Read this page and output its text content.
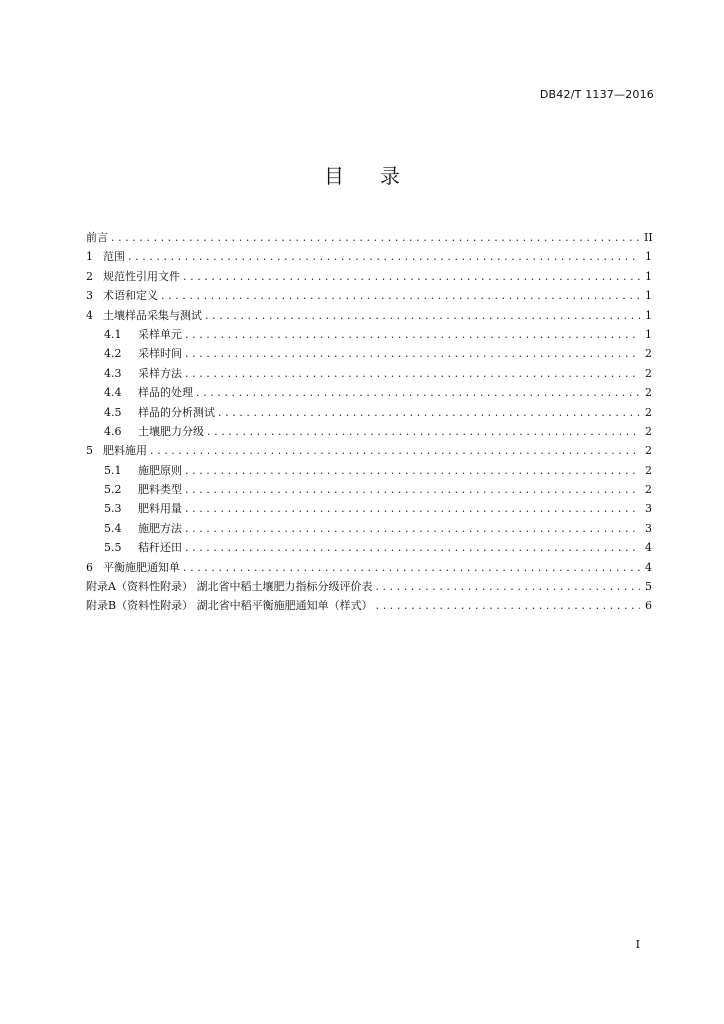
DB42/T 1137—2016
目 录
前言 .....	II
1 范围 .....	1
2 规范性引用文件 .....	1
3 术语和定义 .....	1
4 土壤样品采集与测试 .....	1
4.1	采样单元 .....	1
4.2	采样时间 .....	2
4.3	采样方法 .....	2
4.4	样品的处理 .....	2
4.5	样品的分析测试 .....	2
4.6	土壤肥力分级 .....	2
5 肥料施用 .....	2
5.1	施肥原则 .....	2
5.2	肥料类型 .....	2
5.3	肥料用量 .....	3
5.4	施肥方法 .....	3
5.5	秸秆还田 .....	4
6 平衡施肥通知单 .....	4
附录A（资料性附录） 湖北省中稻土壤肥力指标分级评价表 .....	5
附录B（资料性附录） 湖北省中稻平衡施肥通知单（样式） .....	6
I
